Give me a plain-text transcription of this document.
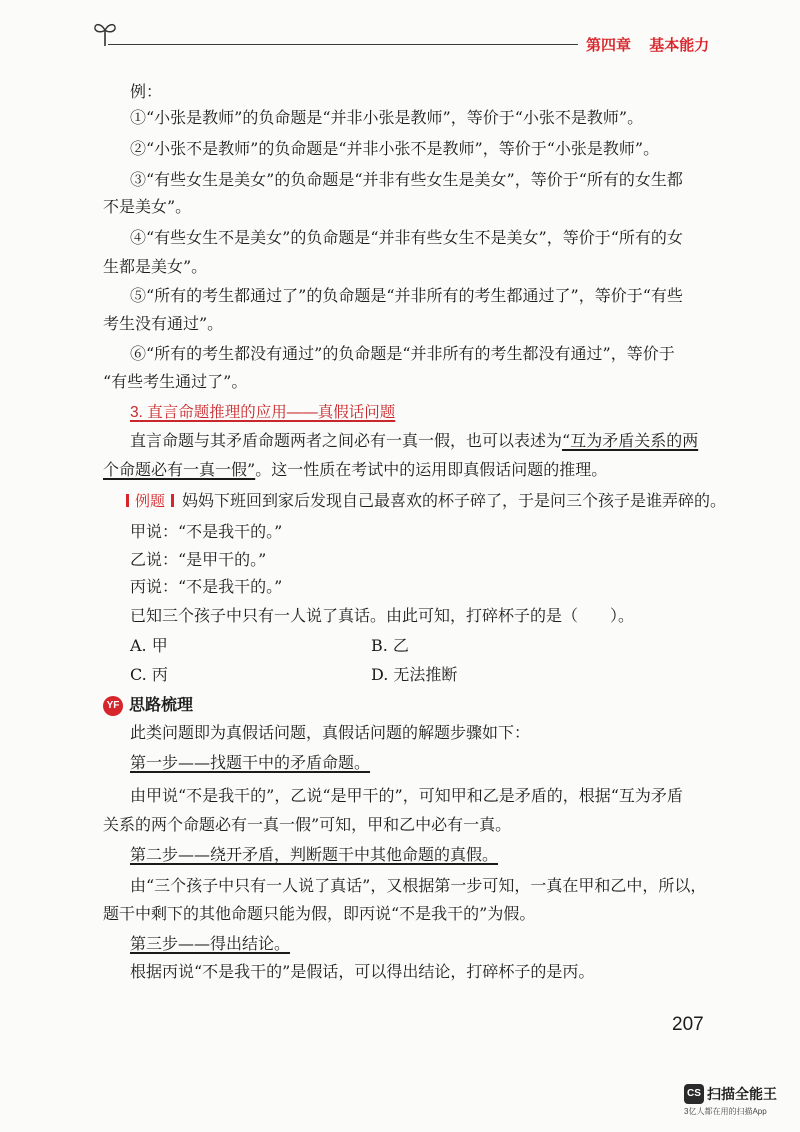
第四章 基本能力
例：
①“小张是教师”的负命题是“并非小张是教师”，等价于“小张不是教师”。
②“小张不是教师”的负命题是“并非小张不是教师”，等价于“小张是教师”。
③“有些女生是美女”的负命题是“并非有些女生是美女”，等价于“所有的女生都
不是美女”。
④“有些女生不是美女”的负命题是“并非有些女生不是美女”，等价于“所有的女
生都是美女”。
⑤“所有的考生都通过了”的负命题是“并非所有的考生都通过了”，等价于“有些
考生没有通过”。
⑥“所有的考生都没有通过”的负命题是“并非所有的考生都没有通过”，等价于
“有些考生通过了”。
3. 直言命题推理的应用——真假话问题
直言命题与其矛盾命题两者之间必有一真一假，也可以表述为“互为矛盾关系的两
个命题必有一真一假”。这一性质在考试中的运用即真假话问题的推理。
例题 妈妈下班回到家后发现自己最喜欢的杯子碎了，于是问三个孩子是谁弄碎的。
甲说：“不是我干的。”
乙说：“是甲干的。”
丙说：“不是我干的。”
已知三个孩子中只有一人说了真话。由此可知，打碎杯子的是（　　）。
A. 甲	B. 乙
C. 丙	D. 无法推断
YF 思路梳理
此类问题即为真假话问题，真假话问题的解题步骤如下：
第一步——找题干中的矛盾命题。
由甲说“不是我干的”，乙说“是甲干的”，可知甲和乙是矛盾的，根据“互为矛盾
关系的两个命题必有一真一假”可知，甲和乙中必有一真。
第二步——绕开矛盾，判断题干中其他命题的真假。
由“三个孩子中只有一人说了真话”，又根据第一步可知，一真在甲和乙中，所以，
题干中剩下的其他命题只能为假，即丙说“不是我干的”为假。
第三步——得出结论。
根据丙说“不是我干的”是假话，可以得出结论，打碎杯子的是丙。
207
CS 扫描全能王
3亿人都在用的扫描App
